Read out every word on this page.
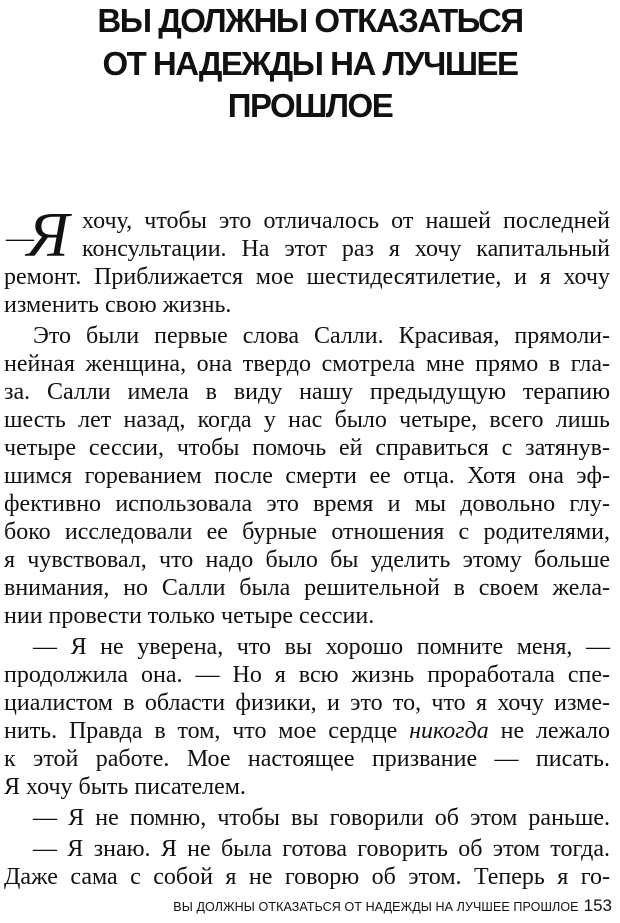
ВЫ ДОЛЖНЫ ОТКАЗАТЬСЯ
ОТ НАДЕЖДЫ НА ЛУЧШЕЕ
ПРОШЛОЕ
—
Я хочу, чтобы это отличалось от нашей последней
консультации. На этот раз я хочу капитальный
ремонт. Приближается мое шестидесятилетие, и я хочу
изменить свою жизнь.
Это были первые слова Салли. Красивая, прямоли-
нейная женщина, она твердо смотрела мне прямо в гла-
за. Салли имела в виду нашу предыдущую терапию
шесть лет назад, когда у нас было четыре, всего лишь
четыре сессии, чтобы помочь ей справиться с затянув-
шимся гореванием после смерти ее отца. Хотя она эф-
фективно использовала это время и мы довольно глу-
боко исследовали ее бурные отношения с родителями,
я чувствовал, что надо было бы уделить этому больше
внимания, но Салли была решительной в своем жела-
нии провести только четыре сессии.
— Я не уверена, что вы хорошо помните меня, —
продолжила она. — Но я всю жизнь проработала спе-
циалистом в области физики, и это то, что я хочу изме-
нить. Правда в том, что мое сердце никогда не лежало
к этой работе. Мое настоящее призвание — писать.
Я хочу быть писателем.
— Я не помню, чтобы вы говорили об этом раньше.
— Я знаю. Я не была готова говорить об этом тогда.
Даже сама с собой я не говорю об этом. Теперь я го-
ВЫ ДОЛЖНЫ ОТКАЗАТЬСЯ ОТ НАДЕЖДЫ НА ЛУЧШЕЕ ПРОШЛОЕ 153
